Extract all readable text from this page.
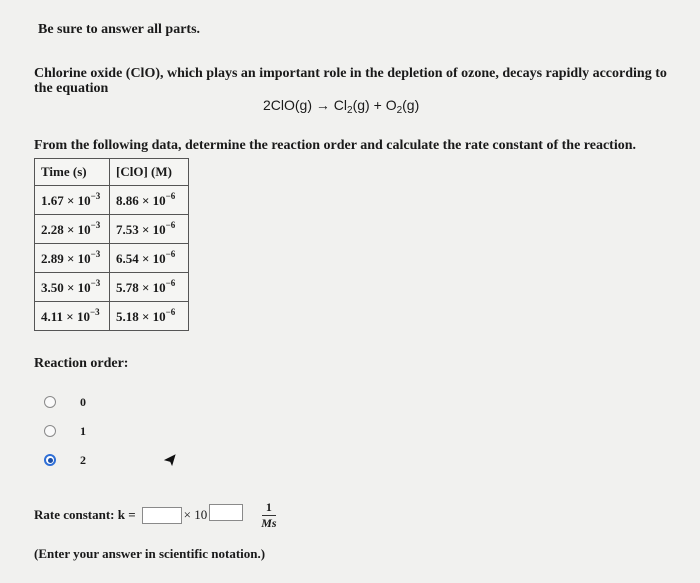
Be sure to answer all parts.
Chlorine oxide (ClO), which plays an important role in the depletion of ozone, decays rapidly according to the equation
$2ClO(g) \to Cl_2(g) + O_2(g)$
From the following data, determine the reaction order and calculate the rate constant of the reaction.
Time (s)	[ClO] (M)
$1.67 \times 10^{-3}$	$8.86 \times 10^{-6}$
$2.28 \times 10^{-3}$	$7.53 \times 10^{-6}$
$2.89 \times 10^{-3}$	$6.54 \times 10^{-6}$
$3.50 \times 10^{-3}$	$5.78 \times 10^{-6}$
$4.11 \times 10^{-3}$	$5.18 \times 10^{-6}$
Reaction order:
0
1
2
Rate constant: k =	× 10	$\frac{1}{Ms}$
(Enter your answer in scientific notation.)
